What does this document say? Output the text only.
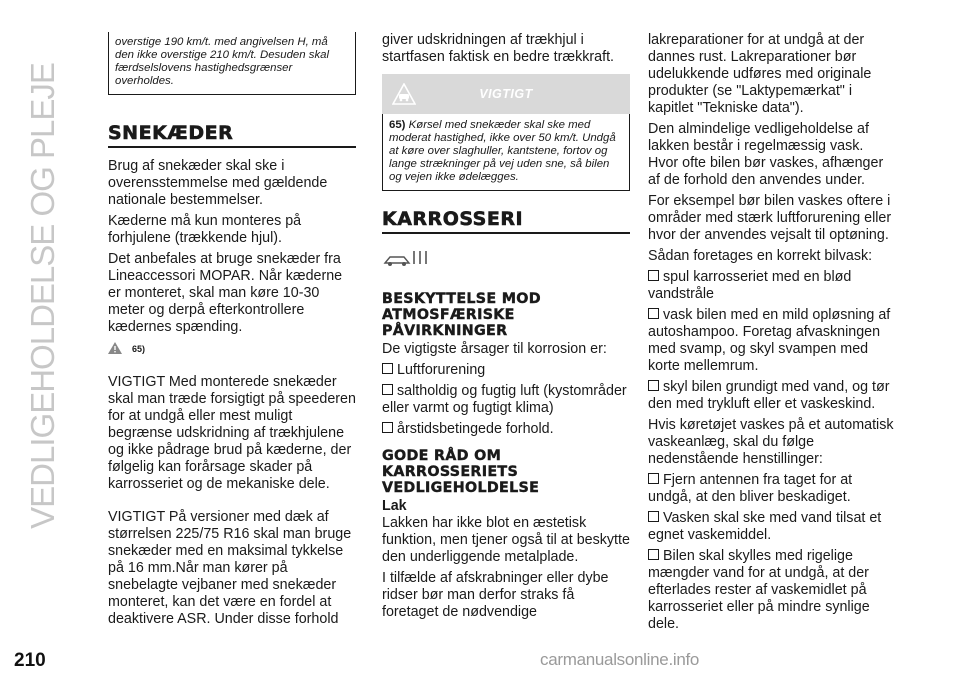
VEDLIGEHOLDELSE OG PLEJE
overstige 190 km/t. med angivelsen H, må den ikke overstige 210 km/t. Desuden skal færdselslovens hastighedsgrænser overholdes.
SNEKÆDER

Brug af snekæder skal ske i overensstemmelse med gældende nationale bestemmelser.

Kæderne må kun monteres på forhjulene (trækkende hjul).

Det anbefales at bruge snekæder fra Lineaccessori MOPAR. Når kæderne er monteret, skal man køre 10-30 meter og derpå efterkontrollere kædernes spænding.

65)

VIGTIGT Med monterede snekæder skal man træde forsigtigt på speederen for at undgå eller mest muligt begrænse udskridning af trækhjulene og ikke pådrage brud på kæderne, der følgelig kan forårsage skader på karrosseriet og de mekaniske dele.

VIGTIGT På versioner med dæk af størrelsen 225/75 R16 skal man bruge snekæder med en maksimal tykkelse på 16 mm.Når man kører på snebelagte vejbaner med snekæder monteret, kan det være en fordel at deaktivere ASR. Under disse forhold

giver udskridningen af trækhjul i startfasen faktisk en bedre trækkraft.

VIGTIGT
65) Kørsel med snekæder skal ske med moderat hastighed, ikke over 50 km/t. Undgå at køre over slaghuller, kantstene, fortov og lange strækninger på vej uden sne, så bilen og vejen ikke ødelægges.
KARROSSERI
BESKYTTELSE MOD ATMOSFÆRISKE PÅVIRKNINGER

De vigtigste årsager til korrosion er:

Luftforurening

saltholdig og fugtig luft (kystområder eller varmt og fugtigt klima)

årstidsbetingede forhold.

GODE RÅD OM KARROSSERIETS VEDLIGEHOLDELSE
Lak

Lakken har ikke blot en æstetisk funktion, men tjener også til at beskytte den underliggende metalplade.

I tilfælde af afskrabninger eller dybe ridser bør man derfor straks få foretaget de nødvendige

lakreparationer for at undgå at der dannes rust. Lakreparationer bør udelukkende udføres med originale produkter (se "Laktypemærkat" i kapitlet "Tekniske data").

Den almindelige vedligeholdelse af lakken består i regelmæssig vask. Hvor ofte bilen bør vaskes, afhænger af de forhold den anvendes under.

For eksempel bør bilen vaskes oftere i områder med stærk luftforurening eller hvor der anvendes vejsalt til optøning.

Sådan foretages en korrekt bilvask:

spul karrosseriet med en blød vandstråle

vask bilen med en mild opløsning af autoshampoo. Foretag afvaskningen med svamp, og skyl svampen med korte mellemrum.

skyl bilen grundigt med vand, og tør den med trykluft eller et vaskeskind.

Hvis køretøjet vaskes på et automatisk vaskeanlæg, skal du følge nedenstående henstillinger:

Fjern antennen fra taget for at undgå, at den bliver beskadiget.

Vasken skal ske med vand tilsat et egnet vaskemiddel.

Bilen skal skylles med rigelige mængder vand for at undgå, at der efterlades rester af vaskemidlet på karrosseriet eller på mindre synlige dele.

210	carmanualsonline.info
